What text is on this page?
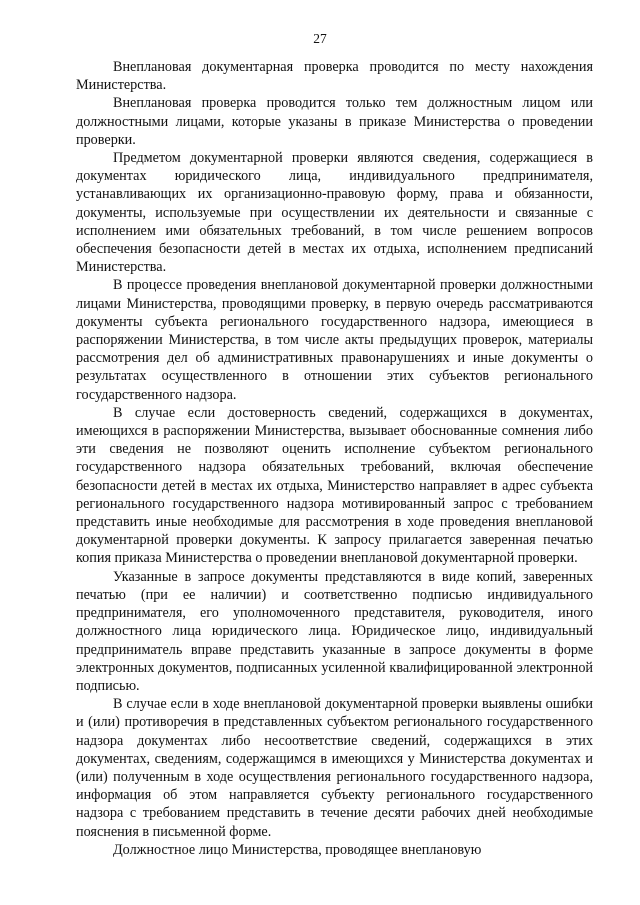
27

Внеплановая документарная проверка проводится по месту нахождения Министерства.

Внеплановая проверка проводится только тем должностным лицом или должностными лицами, которые указаны в приказе Министерства о проведении проверки.

Предметом документарной проверки являются сведения, содержащиеся в документах юридического лица, индивидуального предпринимателя, устанавливающих их организационно-правовую форму, права и обязанности, документы, используемые при осуществлении их деятельности и связанные с исполнением ими обязательных требований, в том числе решением вопросов обеспечения безопасности детей в местах их отдыха, исполнением предписаний Министерства.

В процессе проведения внеплановой документарной проверки должностными лицами Министерства, проводящими проверку, в первую очередь рассматриваются документы субъекта регионального государственного надзора, имеющиеся в распоряжении Министерства, в том числе акты предыдущих проверок, материалы рассмотрения дел об административных правонарушениях и иные документы о результатах осуществленного в отношении этих субъектов регионального государственного надзора.

В случае если достоверность сведений, содержащихся в документах, имеющихся в распоряжении Министерства, вызывает обоснованные сомнения либо эти сведения не позволяют оценить исполнение субъектом регионального государственного надзора обязательных требований, включая обеспечение безопасности детей в местах их отдыха, Министерство направляет в адрес субъекта регионального государственного надзора мотивированный запрос с требованием представить иные необходимые для рассмотрения в ходе проведения внеплановой документарной проверки документы. К запросу прилагается заверенная печатью копия приказа Министерства о проведении внеплановой документарной проверки.

Указанные в запросе документы представляются в виде копий, заверенных печатью (при ее наличии) и соответственно подписью индивидуального предпринимателя, его уполномоченного представителя, руководителя, иного должностного лица юридического лица. Юридическое лицо, индивидуальный предприниматель вправе представить указанные в запросе документы в форме электронных документов, подписанных усиленной квалифицированной электронной подписью.

В случае если в ходе внеплановой документарной проверки выявлены ошибки и (или) противоречия в представленных субъектом регионального государственного надзора документах либо несоответствие сведений, содержащихся в этих документах, сведениям, содержащимся в имеющихся у Министерства документах и (или) полученным в ходе осуществления регионального государственного надзора, информация об этом направляется субъекту регионального государственного надзора с требованием представить в течение десяти рабочих дней необходимые пояснения в письменной форме.

Должностное лицо Министерства, проводящее внеплановую
